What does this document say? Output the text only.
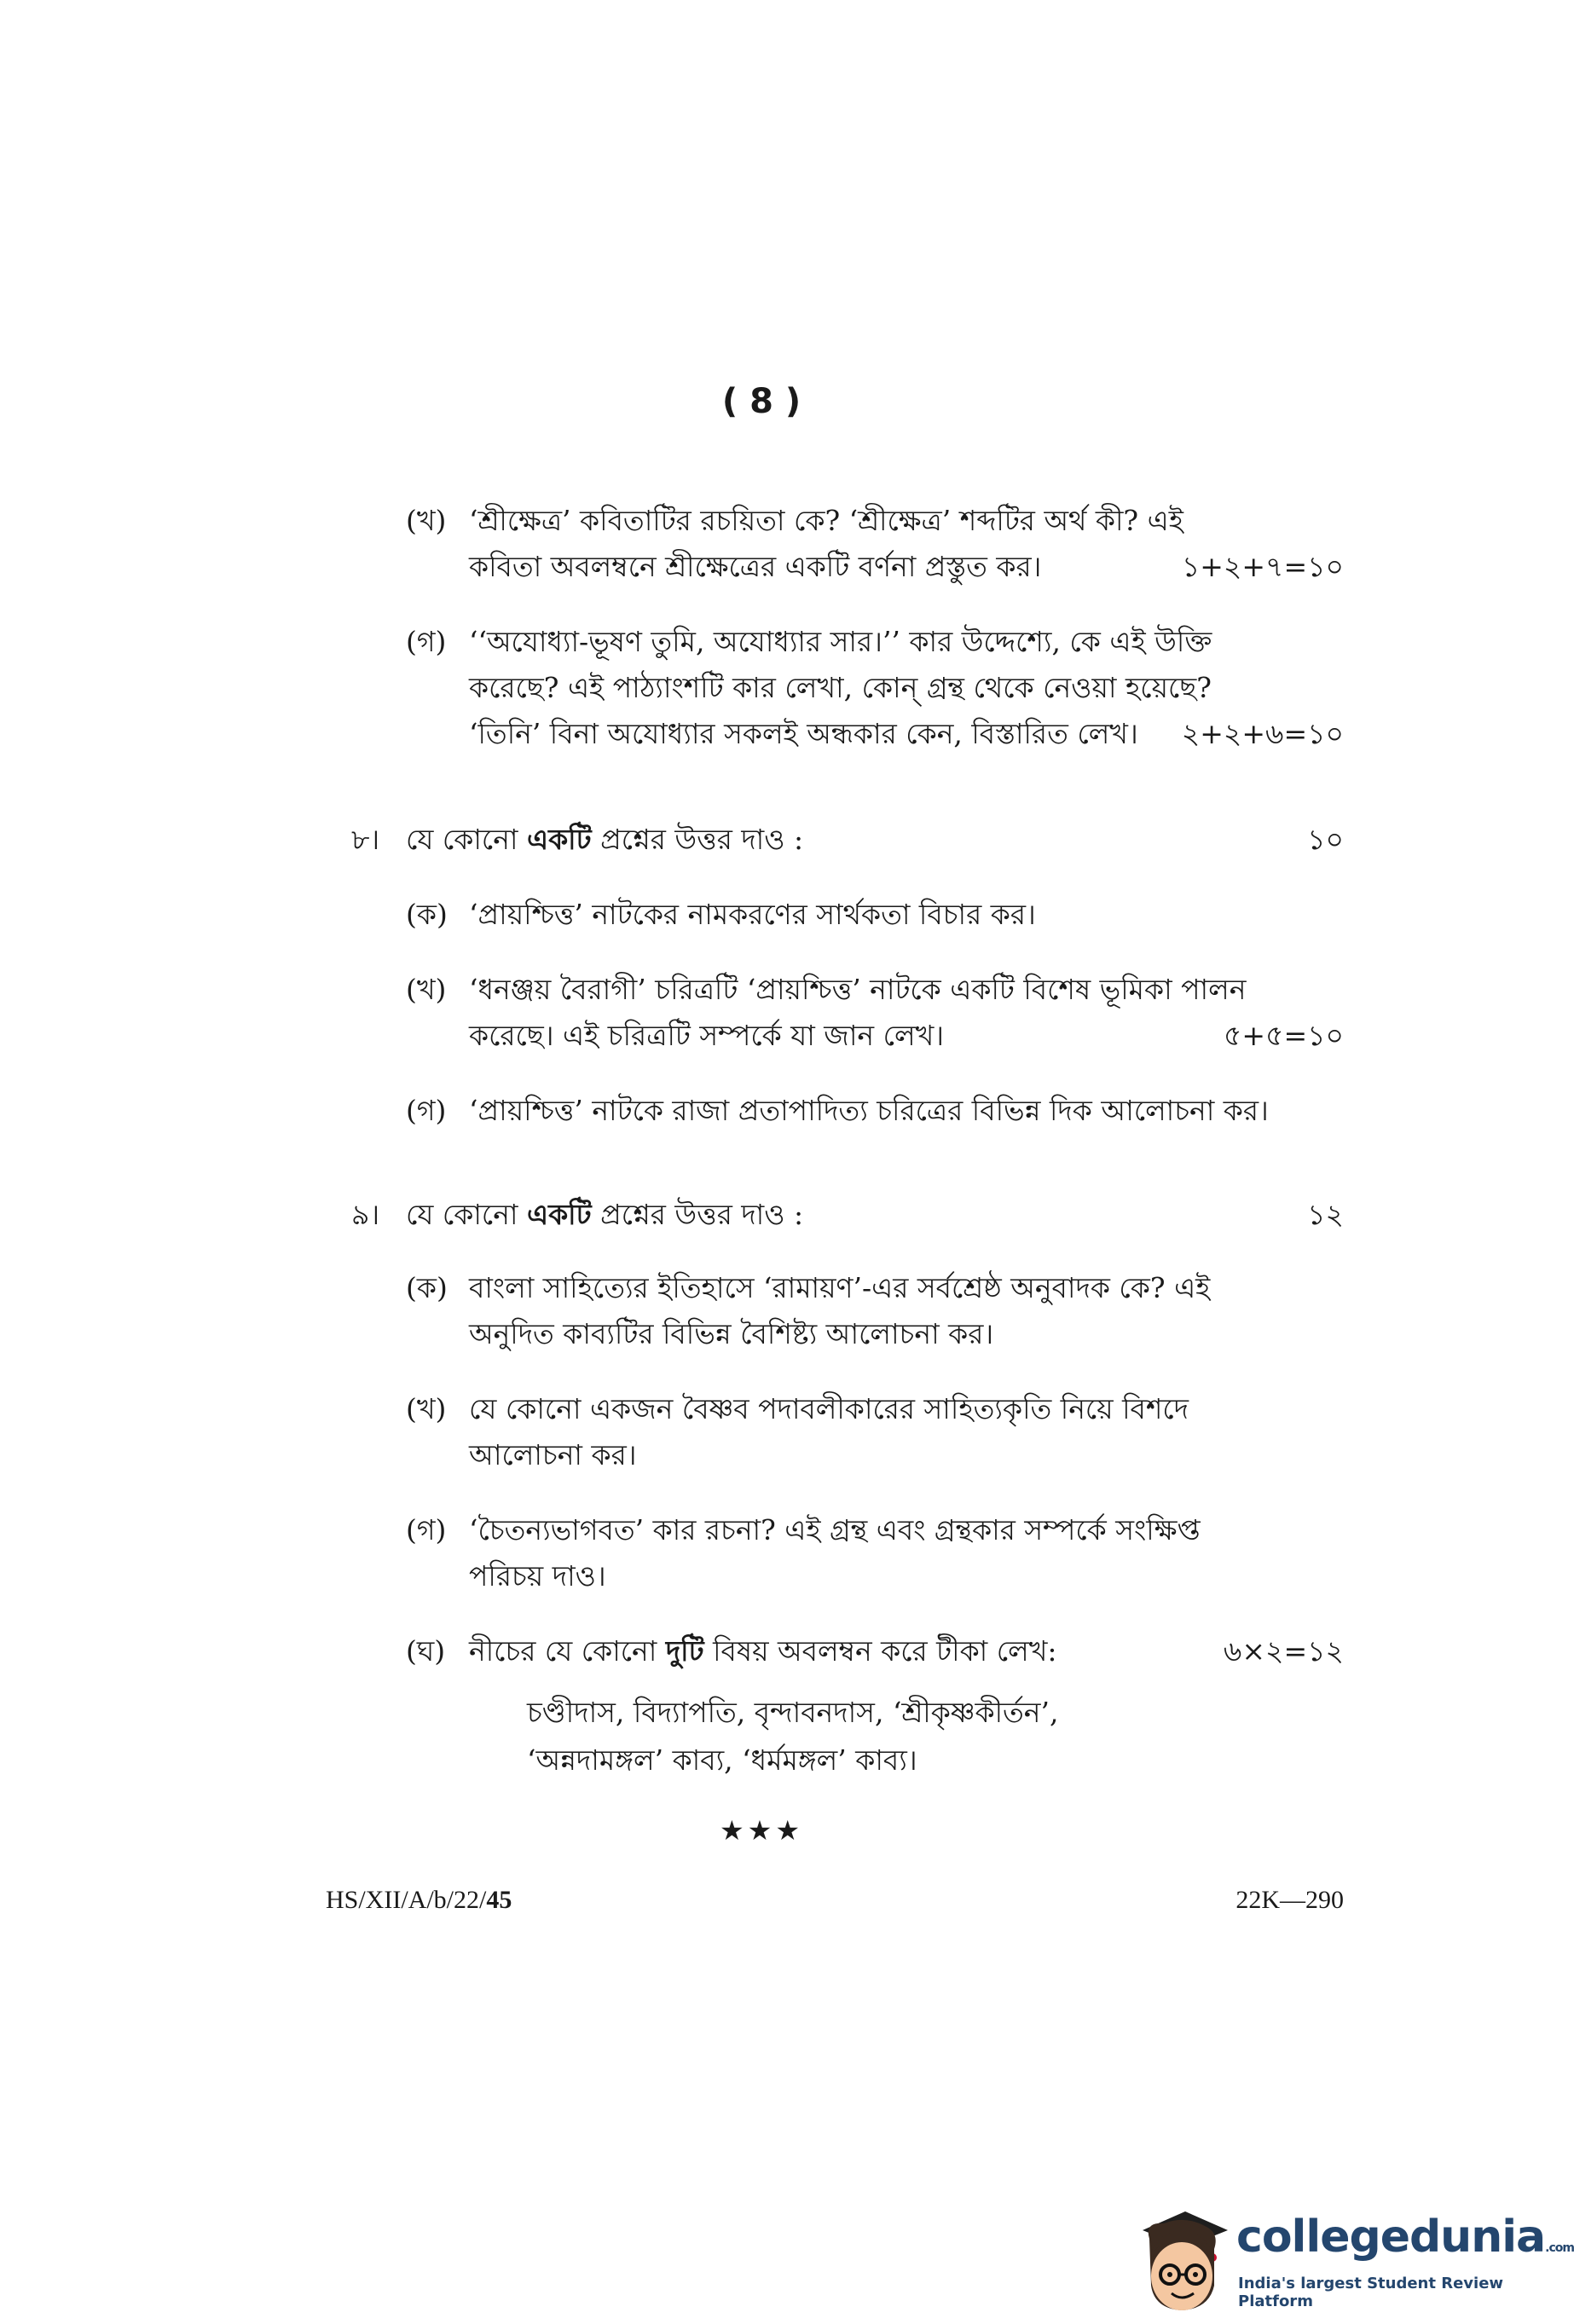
( 8 )
(খ) ‘শ্রীক্ষেত্র’ কবিতাটির রচয়িতা কে? ‘শ্রীক্ষেত্র’ শব্দটির অর্থ কী? এই
কবিতা অবলম্বনে শ্রীক্ষেত্রের একটি বর্ণনা প্রস্তুত কর।	১+২+৭=১০
(গ) ‘‘অযোধ্যা-ভূষণ তুমি, অযোধ্যার সার।’’ কার উদ্দেশ্যে, কে এই উক্তি
করেছে? এই পাঠ্যাংশটি কার লেখা, কোন্ গ্রন্থ থেকে নেওয়া হয়েছে?
‘তিনি’ বিনা অযোধ্যার সকলই অন্ধকার কেন, বিস্তারিত লেখ। ২+২+৬=১০
৮। যে কোনো একটি প্রশ্নের উত্তর দাও :	১০
(ক) ‘প্রায়শ্চিত্ত’ নাটকের নামকরণের সার্থকতা বিচার কর।
(খ) ‘ধনঞ্জয় বৈরাগী’ চরিত্রটি ‘প্রায়শ্চিত্ত’ নাটকে একটি বিশেষ ভূমিকা পালন
করেছে। এই চরিত্রটি সম্পর্কে যা জান লেখ।	৫+৫=১০
(গ) ‘প্রায়শ্চিত্ত’ নাটকে রাজা প্রতাপাদিত্য চরিত্রের বিভিন্ন দিক আলোচনা কর।
৯। যে কোনো একটি প্রশ্নের উত্তর দাও :	১২
(ক) বাংলা সাহিত্যের ইতিহাসে ‘রামায়ণ’-এর সর্বশ্রেষ্ঠ অনুবাদক কে? এই
অনুদিত কাব্যটির বিভিন্ন বৈশিষ্ট্য আলোচনা কর।
(খ) যে কোনো একজন বৈষ্ণব পদাবলীকারের সাহিত্যকৃতি নিয়ে বিশদে
আলোচনা কর।
(গ) ‘চৈতন্যভাগবত’ কার রচনা? এই গ্রন্থ এবং গ্রন্থকার সম্পর্কে সংক্ষিপ্ত
পরিচয় দাও।
(ঘ) নীচের যে কোনো দুটি বিষয় অবলম্বন করে টীকা লেখ:	৬×২=১২
চণ্ডীদাস, বিদ্যাপতি, বৃন্দাবনদাস, ‘শ্রীকৃষ্ণকীর্তন’,
‘অন্নদামঙ্গল’ কাব্য, ‘ধর্মমঙ্গল’ কাব্য।
★★★
HS/XII/A/b/22/45	22K—290
collegedunia.com
India's largest Student Review Platform
